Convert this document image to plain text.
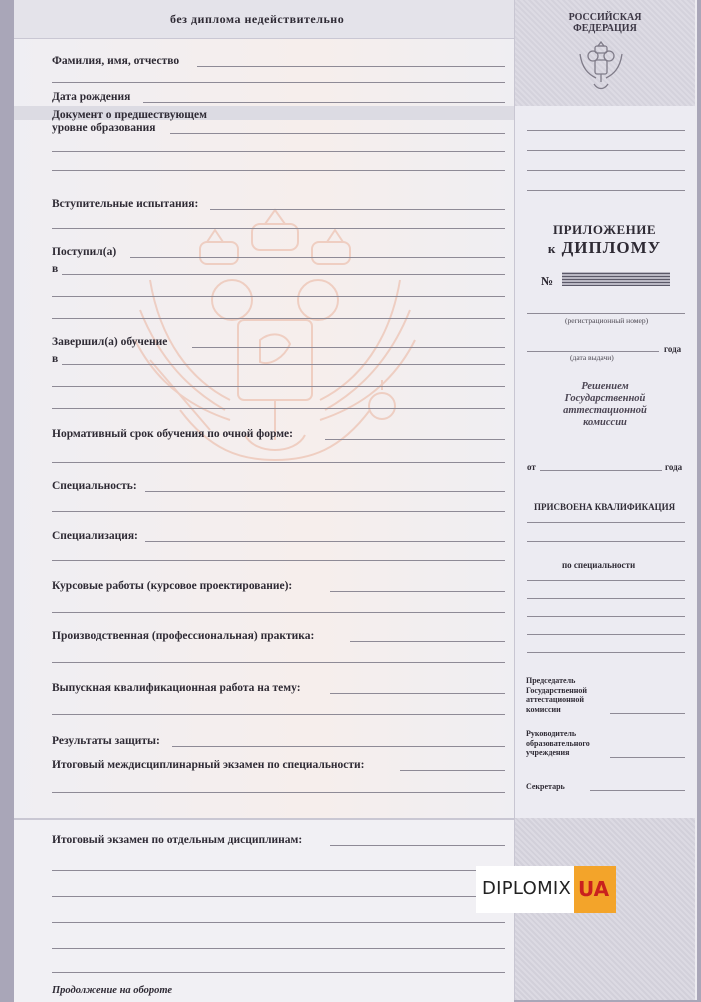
без диплома недействительно
Фамилия, имя, отчество
Дата рождения
Документ о предшествующем
уровне образования
Вступительные испытания:
Поступил(а)
в
Завершил(а) обучение
в
Нормативный срок обучения по очной форме:
Специальность:
Специализация:
Курсовые работы (курсовое проектирование):
Производственная (профессиональная) практика:
Выпускная квалификационная работа на тему:
Результаты защиты:
Итоговый междисциплинарный экзамен по специальности:
Итоговый экзамен по отдельным дисциплинам:
Продолжение на обороте
РОССИЙСКАЯ
ФЕДЕРАЦИЯ
ПРИЛОЖЕНИЕ
к ДИПЛОМУ
№
(регистрационный номер)
года
(дата выдачи)
Решением
Государственной
аттестационной
комиссии
от	года
ПРИСВОЕНА КВАЛИФИКАЦИЯ
по специальности
Председатель
Государственной
аттестационной
комиссии
Руководитель
образовательного
учреждения
Секретарь
DIPLOMIX UA
